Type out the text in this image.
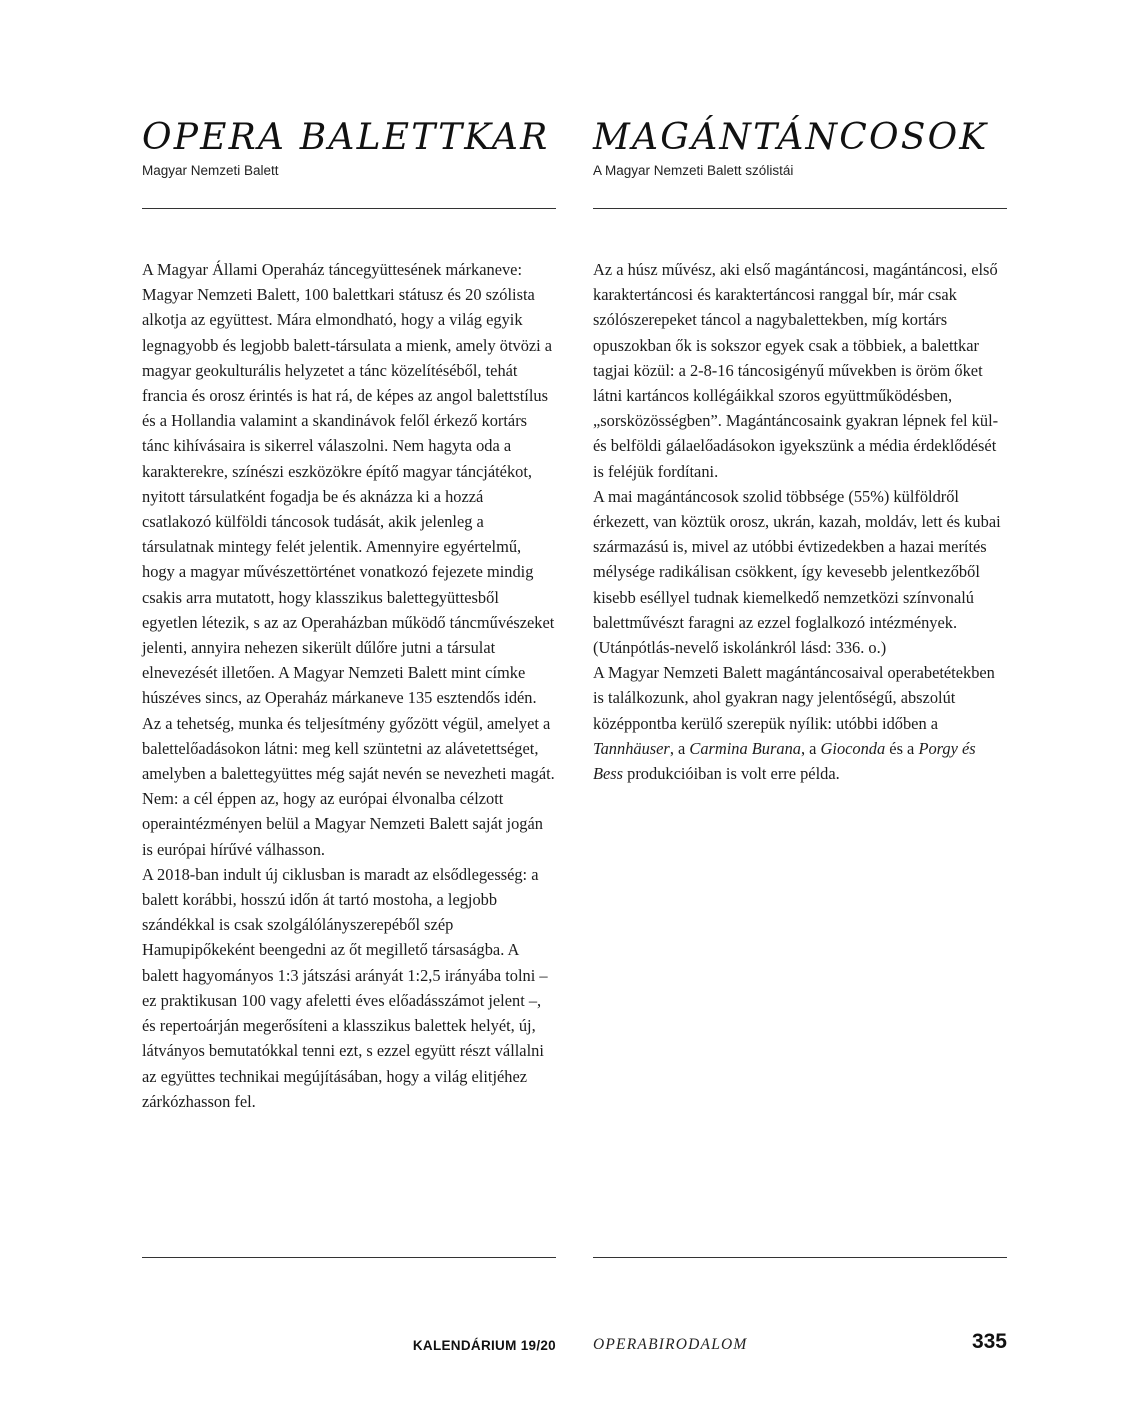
OPERA BALETTKAR
Magyar Nemzeti Balett
MAGÁNTÁNCOSOK
A Magyar Nemzeti Balett szólistái

A Magyar Állami Operaház táncegyüttesének márkaneve: Magyar Nemzeti Balett, 100 balettkari státusz és 20 szólista alkotja az együttest. Mára elmondható, hogy a világ egyik legnagyobb és legjobb balett-társulata a mienk, amely ötvözi a magyar geokulturális helyzetet a tánc közelítéséből, tehát francia és orosz érintés is hat rá, de képes az angol balettstílus és a Hollandia valamint a skandinávok felől érkező kortárs tánc kihívásaira is sikerrel válaszolni. Nem hagyta oda a karakterekre, színészi eszközökre építő magyar táncjátékot, nyitott társulatként fogadja be és aknázza ki a hozzá csatlakozó külföldi táncosok tudását, akik jelenleg a társulatnak mintegy felét jelentik. Amennyire egyértelmű, hogy a magyar művészettörténet vonatkozó fejezete mindig csakis arra mutatott, hogy klasszikus balettegyüttesből egyetlen létezik, s az az Operaházban működő táncművészeket jelenti, annyira nehezen sikerült dűlőre jutni a társulat elnevezését illetően. A Magyar Nemzeti Balett mint címke húszéves sincs, az Operaház márkaneve 135 esztendős idén. Az a tehetség, munka és teljesítmény győzött végül, amelyet a balettelőadásokon látni: meg kell szüntetni az alávetettséget, amelyben a balettegyüttes még saját nevén se nevezheti magát. Nem: a cél éppen az, hogy az európai élvonalba célzott operaintézményen belül a Magyar Nemzeti Balett saját jogán is európai hírűvé válhasson.

A 2018-ban indult új ciklusban is maradt az elsődlegesség: a balett korábbi, hosszú időn át tartó mostoha, a legjobb szándékkal is csak szolgálólányszerepéből szép Hamupipőkeként beengedni az őt megillető társaságba. A balett hagyományos 1:3 játszási arányát 1:2,5 irányába tolni – ez praktikusan 100 vagy afeletti éves előadásszámot jelent –, és repertoárján megerősíteni a klasszikus balettek helyét, új, látványos bemutatókkal tenni ezt, s ezzel együtt részt vállalni az együttes technikai megújításában, hogy a világ elitjéhez zárkózhasson fel.

Az a húsz művész, aki első magántáncosi, magántáncosi, első karaktertáncosi és karaktertáncosi ranggal bír, már csak szólószerepeket táncol a nagybalettekben, míg kortárs opuszokban ők is sokszor egyek csak a többiek, a balettkar tagjai közül: a 2-8-16 táncosigényű művekben is öröm őket látni kartáncos kollégáikkal szoros együttműködésben, „sorsközösségben”. Magántáncosaink gyakran lépnek fel kül- és belföldi gálaelőadásokon igyekszünk a média érdeklődését is feléjük fordítani.

A mai magántáncosok szolid többsége (55%) külföldről érkezett, van köztük orosz, ukrán, kazah, moldáv, lett és kubai származású is, mivel az utóbbi évtizedekben a hazai merítés mélysége radikálisan csökkent, így kevesebb jelentkezőből kisebb eséllyel tudnak kiemelkedő nemzetközi színvonalú balettművészt faragni az ezzel foglalkozó intézmények. (Utánpótlás-nevelő iskolánkról lásd: 336. o.)

A Magyar Nemzeti Balett magántáncosaival operabetétekben is találkozunk, ahol gyakran nagy jelentőségű, abszolút középpontba kerülő szerepük nyílik: utóbbi időben a Tannhäuser, a Carmina Burana, a Gioconda és a Porgy és Bess produkcióiban is volt erre példa.

KALENDÁRIUM 19/20 OPERABIRODALOM	335
